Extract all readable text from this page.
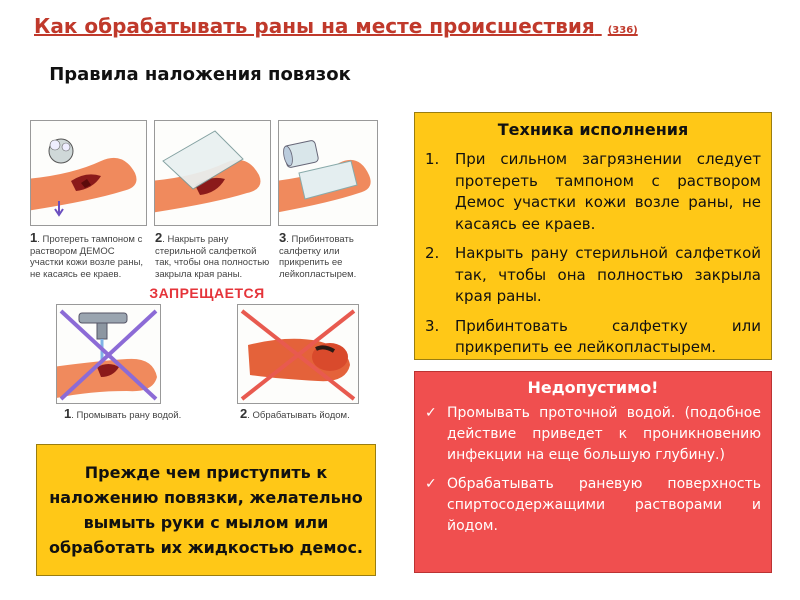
Как обрабатывать раны на месте происшествия (336)
Правила наложения повязок
1. Протереть тампоном с раствором ДЕМОС участки кожи возле раны, не касаясь ее краев.
2. Накрыть рану стерильной салфеткой так, чтобы она полностью закрыла края раны.
3. Прибинтовать салфетку или прикрепить ее лейкопластырем.
ЗАПРЕЩАЕТСЯ
1. Промывать рану водой.	2. Обрабатывать йодом.
Прежде чем приступить к наложению повязки, желательно вымыть руки с мылом или обработать их жидкостью демос.
Техника исполнения
1.	При сильном загрязнении следует протереть тампоном с раствором Демос участки кожи возле раны, не касаясь ее краев.
2.	Накрыть рану стерильной салфеткой так, чтобы она полностью закрыла края раны.
3.	Прибинтовать салфетку или прикрепить ее лейкопластырем.
Недопустимо!
✓ Промывать проточной водой. (подобное действие приведет к проникновению инфекции на еще большую глубину.)
✓ Обрабатывать раневую поверхность спиртосодержащими растворами и йодом.
